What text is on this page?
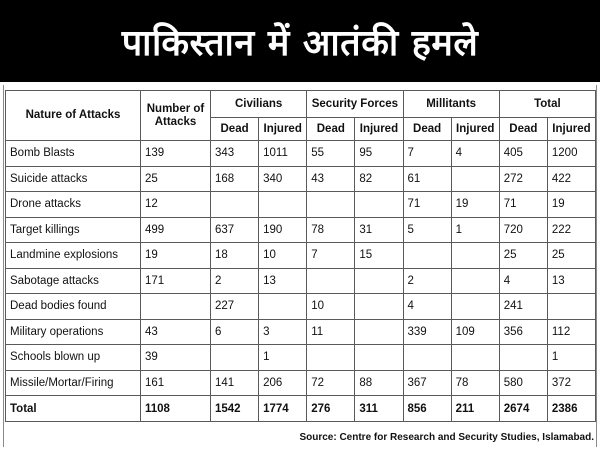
पाकिस्तान में आतंकी हमले
Nature of Attacks	Number of Attacks	Civilians		Security Forces		Millitants		Total	
		Dead	Injured	Dead	Injured	Dead	Injured	Dead	Injured
Bomb Blasts	139	343	1011	55	95	7	4	405	1200
Suicide attacks	25	168	340	43	82	61		272	422
Drone attacks	12					71	19	71	19
Target killings	499	637	190	78	31	5	1	720	222
Landmine explosions	19	18	10	7	15			25	25
Sabotage attacks	171	2	13			2		4	13
Dead bodies found		227		10		4		241	
Military operations	43	6	3	11		339	109	356	112
Schools blown up	39		1						1
Missile/Mortar/Firing	161	141	206	72	88	367	78	580	372
Total	1108	1542	1774	276	311	856	211	2674	2386
Source: Centre for Research and Security Studies, Islamabad.
